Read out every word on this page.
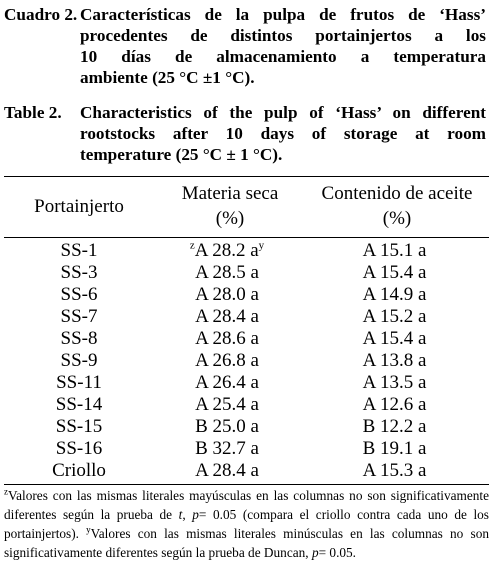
Cuadro 2. Características de la pulpa de frutos de ‘Hass’
procedentes de distintos portainjertos a los
10 días de almacenamiento a temperatura
ambiente (25 °C ±1 °C).
Table 2.	Characteristics of the pulp of ‘Hass’ on different
rootstocks after 10 days of storage at room
temperature (25 °C ± 1 °C).
Portainjerto
Materia seca
(%)
Contenido de aceite
(%)
SS-1	$^z$A 28.2 $a^y$	A 15.1 a
SS-3	A 28.5 a	A 15.4 a
SS-6	A 28.0 a	A 14.9 a
SS-7	A 28.4 a	A 15.2 a
SS-8	A 28.6 a	A 15.4 a
SS-9	A 26.8 a	A 13.8 a
SS-11	A 26.4 a	A 13.5 a
SS-14	A 25.4 a	A 12.6 a
SS-15	B 25.0 a	B 12.2 a
SS-16	B 32.7 a	B 19.1 a
Criollo	A 28.4 a	A 15.3 a
$^z$Valores con las mismas literales mayúsculas en las columnas no son significativamente diferentes según la prueba de t, p= 0.05 (compara el criollo contra cada uno de los portainjertos). $^y$Valores con las mismas literales minúsculas en las columnas no son significativamente diferentes según la prueba de Duncan, p= 0.05.
